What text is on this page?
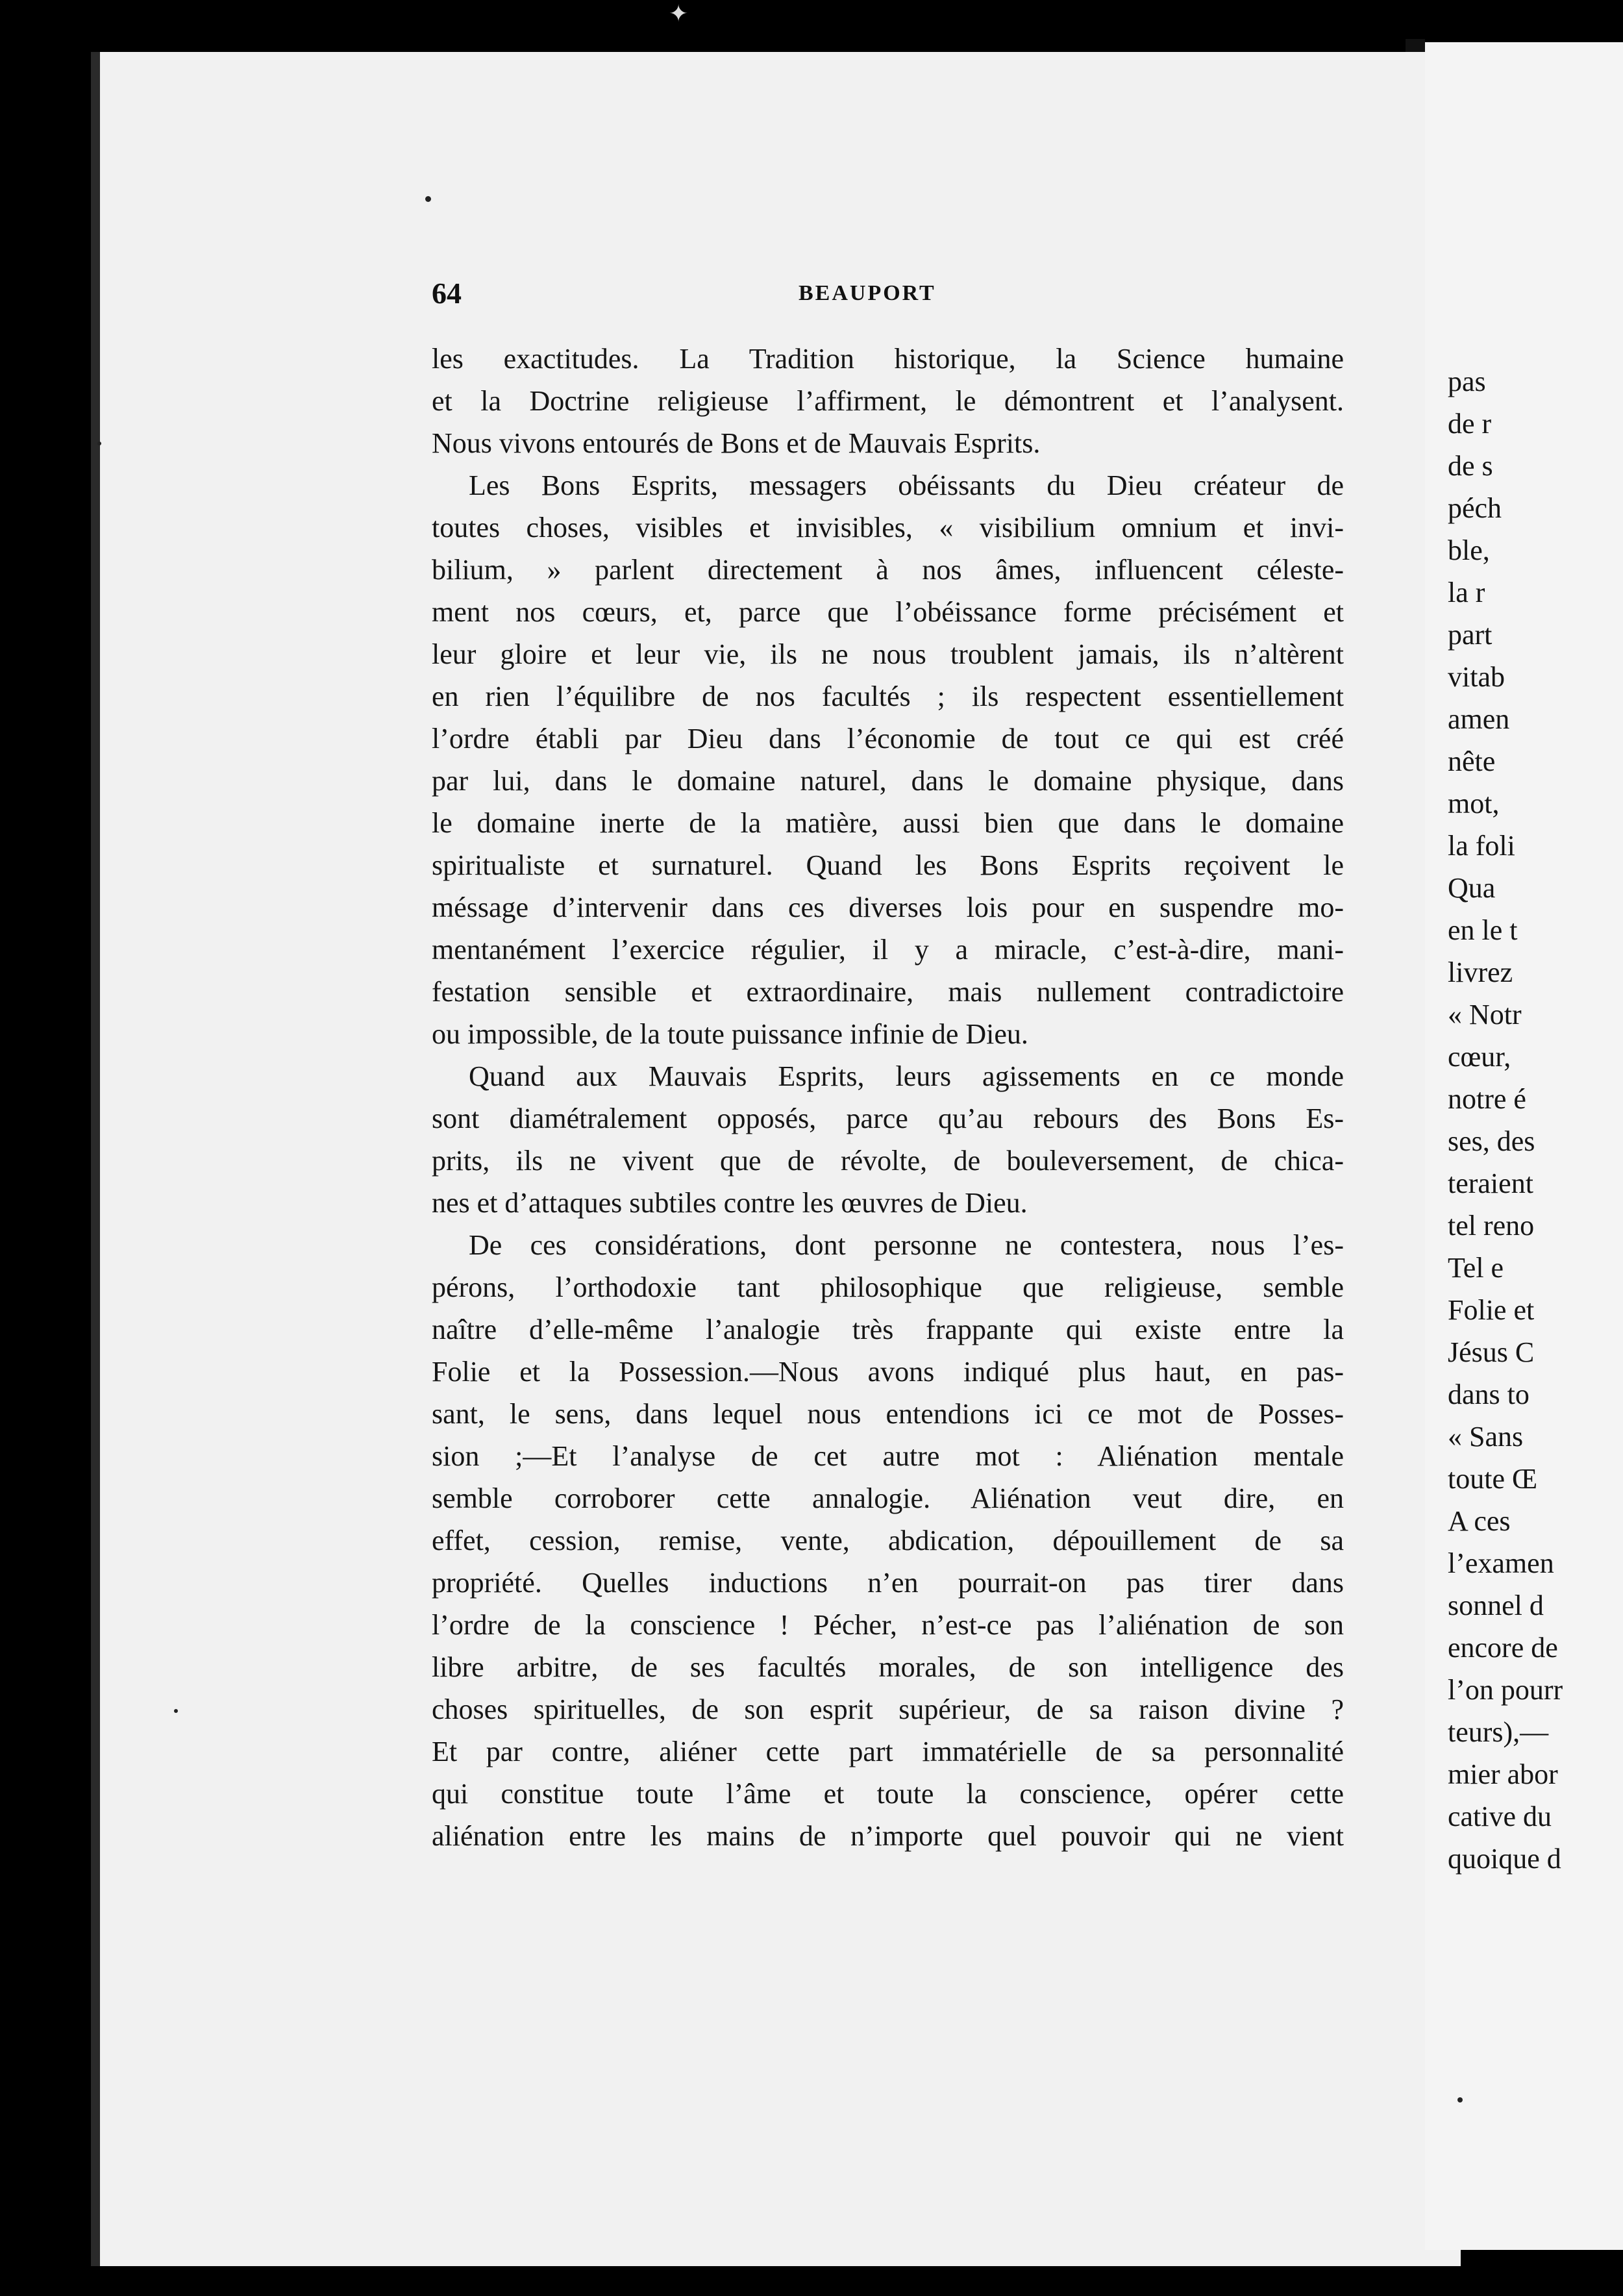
✦
64	BEAUPORT
les exactitudes. La Tradition historique, la Science humaine
et la Doctrine religieuse l’affirment, le démontrent et l’analysent.
Nous vivons entourés de Bons et de Mauvais Esprits.
Les Bons Esprits, messagers obéissants du Dieu créateur de
toutes choses, visibles et invisibles, « visibilium omnium et invi-
bilium, » parlent directement à nos âmes, influencent céleste-
ment nos cœurs, et, parce que l’obéissance forme précisément et
leur gloire et leur vie, ils ne nous troublent jamais, ils n’altèrent
en rien l’équilibre de nos facultés ; ils respectent essentiellement
l’ordre établi par Dieu dans l’économie de tout ce qui est créé
par lui, dans le domaine naturel, dans le domaine physique, dans
le domaine inerte de la matière, aussi bien que dans le domaine
spiritualiste et surnaturel. Quand les Bons Esprits reçoivent le
méssage d’intervenir dans ces diverses lois pour en suspendre mo-
mentanément l’exercice régulier, il y a miracle, c’est-à-dire, mani-
festation sensible et extraordinaire, mais nullement contradictoire
ou impossible, de la toute puissance infinie de Dieu.
Quand aux Mauvais Esprits, leurs agissements en ce monde
sont diamétralement opposés, parce qu’au rebours des Bons Es-
prits, ils ne vivent que de révolte, de bouleversement, de chica-
nes et d’attaques subtiles contre les œuvres de Dieu.
De ces considérations, dont personne ne contestera, nous l’es-
pérons, l’orthodoxie tant philosophique que religieuse, semble
naître d’elle-même l’analogie très frappante qui existe entre la
Folie et la Possession.—Nous avons indiqué plus haut, en pas-
sant, le sens, dans lequel nous entendions ici ce mot de Posses-
sion ;—Et l’analyse de cet autre mot : Aliénation mentale
semble corroborer cette annalogie. Aliénation veut dire, en
effet, cession, remise, vente, abdication, dépouillement de sa
propriété. Quelles inductions n’en pourrait-on pas tirer dans
l’ordre de la conscience ! Pécher, n’est-ce pas l’aliénation de son
libre arbitre, de ses facultés morales, de son intelligence des
choses spirituelles, de son esprit supérieur, de sa raison divine ?
Et par contre, aliéner cette part immatérielle de sa personnalité
qui constitue toute l’âme et toute la conscience, opérer cette
aliénation entre les mains de n’importe quel pouvoir qui ne vient
pas
de r
de s
péch
ble,
la r
part
vitab
amen
nête
mot,
la foli
Qua
en le t
livrez
« Notr
cœur,
notre é
ses, des
teraient
tel reno
Tel e
Folie et
Jésus C
dans to
« Sans
toute Œ
A ces
l’examen
sonnel d
encore de
l’on pourr
teurs),—
mier abor
cative du
quoique d
